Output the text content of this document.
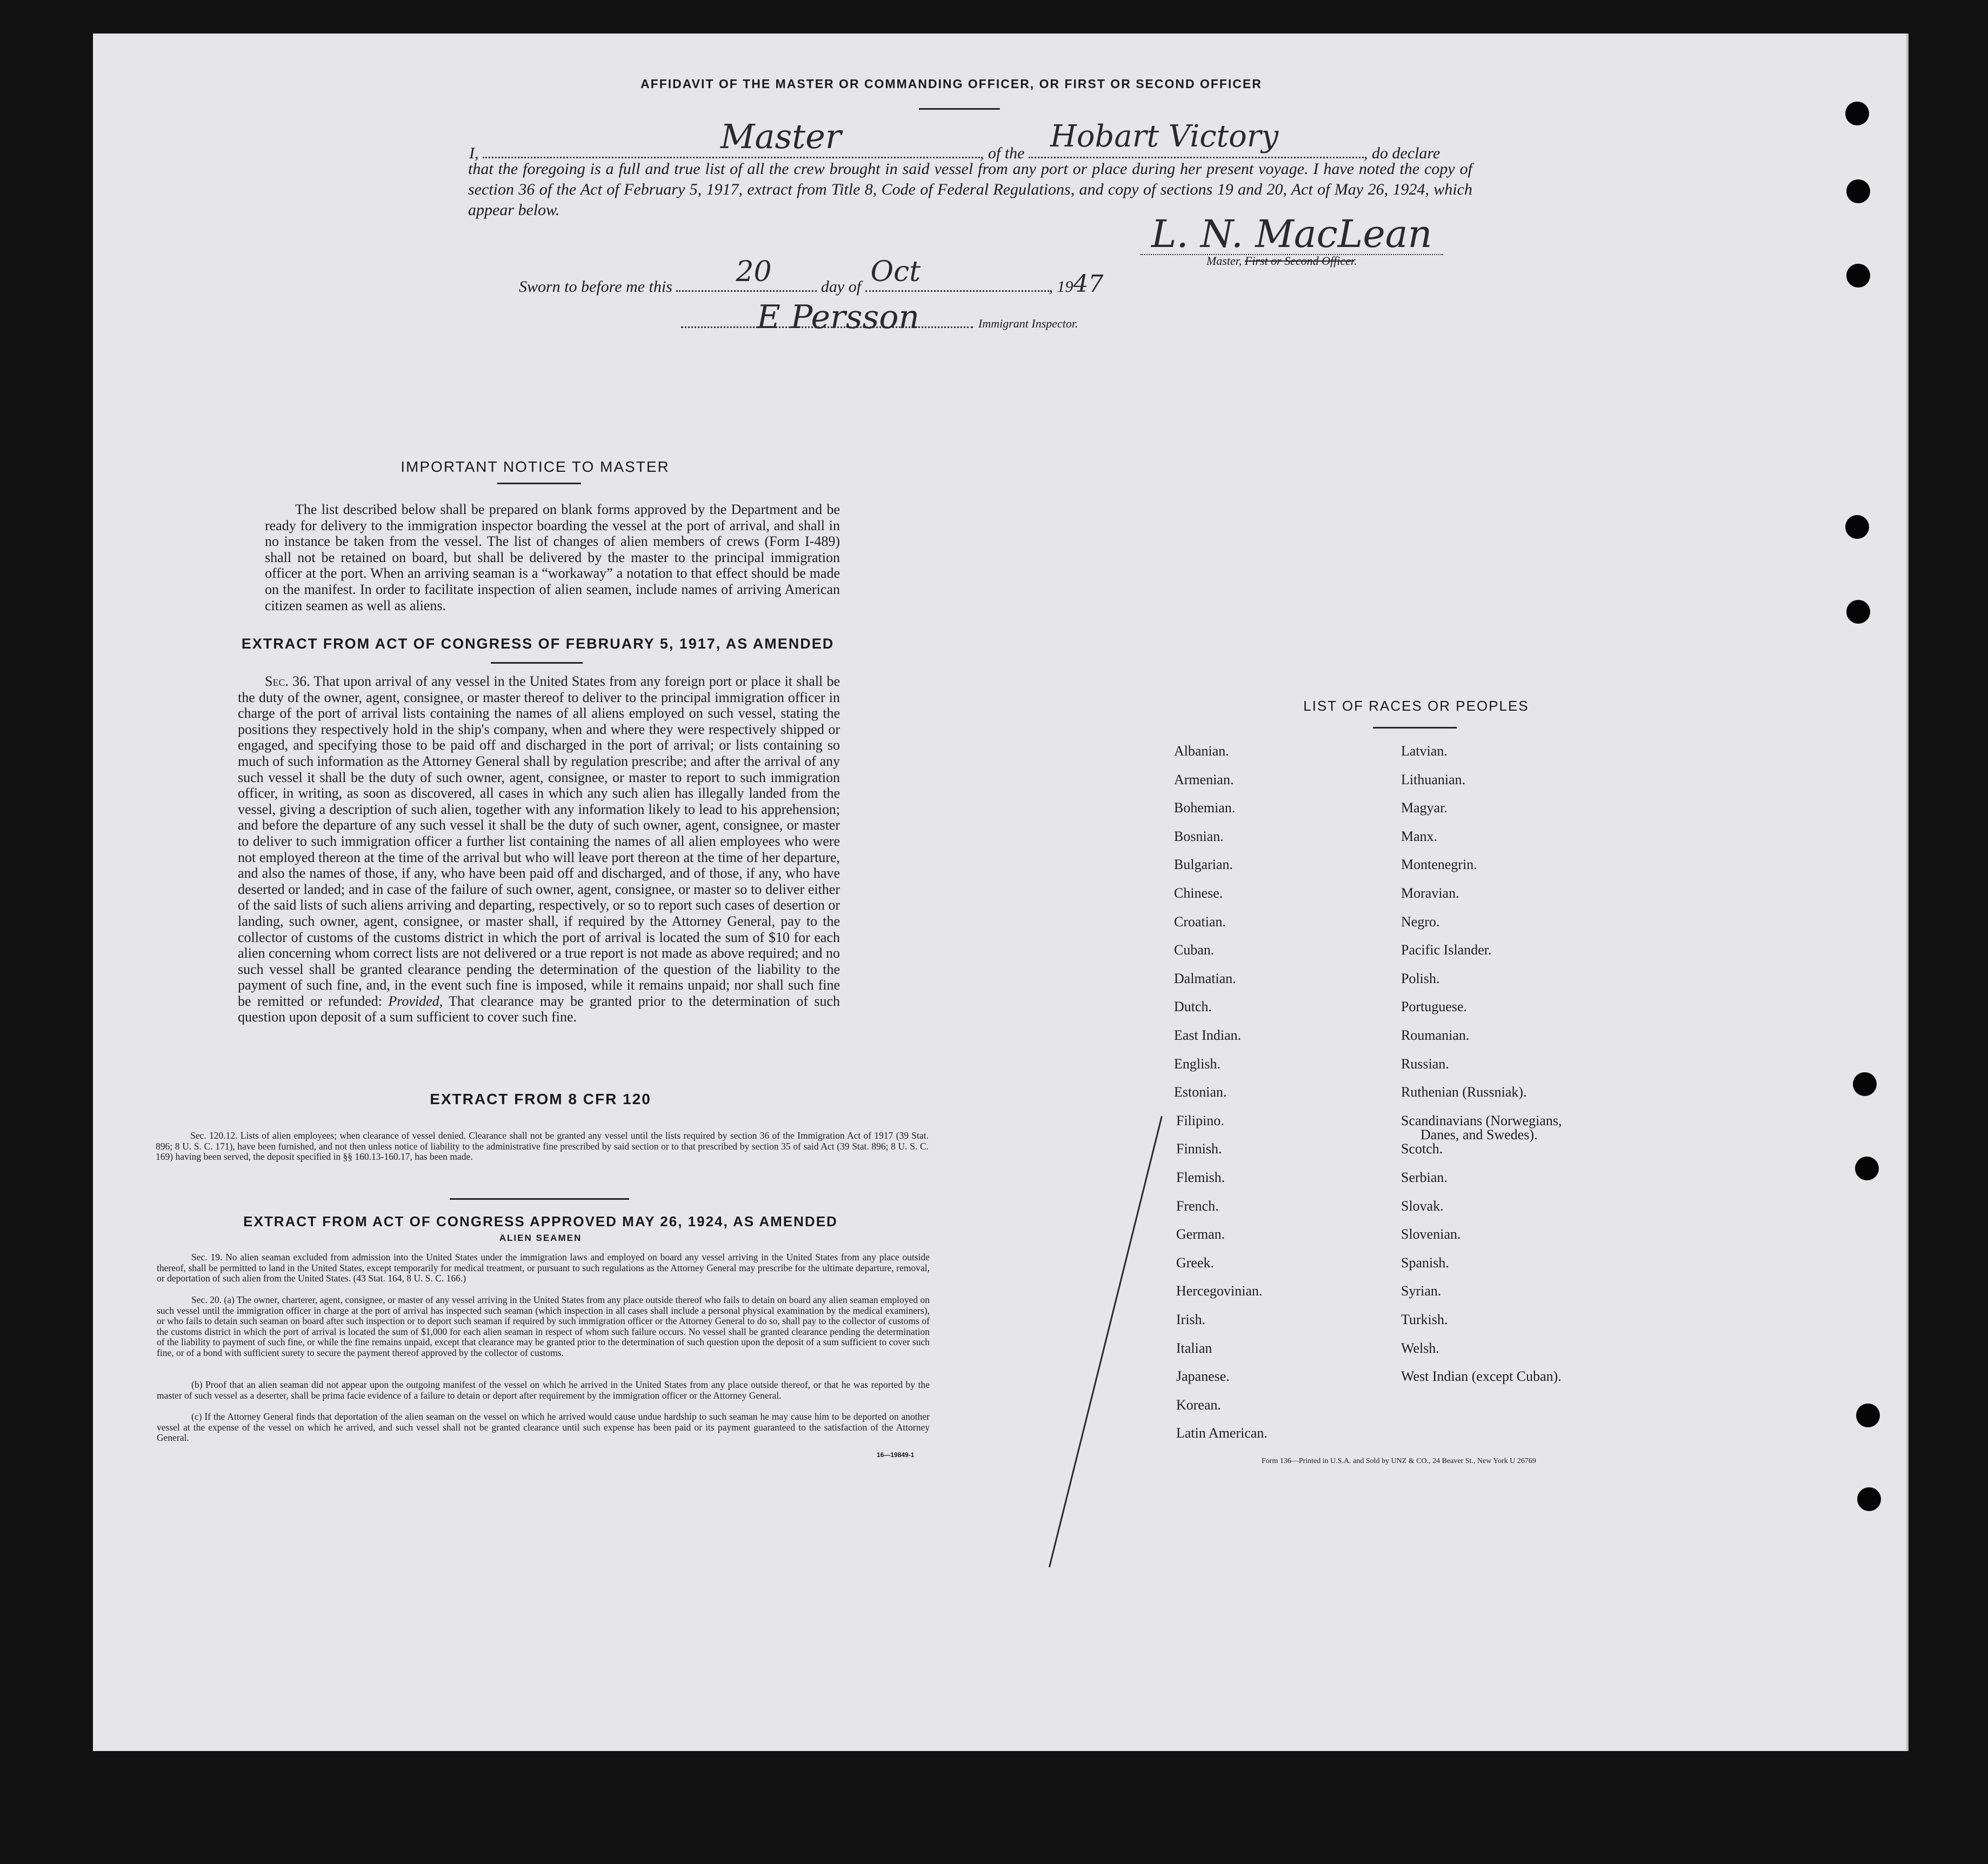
AFFIDAVIT OF THE MASTER OR COMMANDING OFFICER, OR FIRST OR SECOND OFFICER
I,	Master	, of the Hobart Victory	, do declare
that the foregoing is a full and true list of all the crew brought in said vessel from any port or place during her present voyage. I have noted the copy of section 36 of the Act of February 5, 1917, extract from Title 8, Code of Federal Regulations, and copy of sections 19 and 20, Act of May 26, 1924, which appear below.
L. N. MacLean
Master, First or Second Officer.
Sworn to before me this 20	day of Oct	, 1947
E Persson	Immigrant Inspector.
IMPORTANT NOTICE TO MASTER
The list described below shall be prepared on blank forms approved by the Department and be ready for delivery to the immigration inspector boarding the vessel at the port of arrival, and shall in no instance be taken from the vessel. The list of changes of alien members of crews (Form I-489) shall not be retained on board, but shall be delivered by the master to the principal immigration officer at the port. When an arriving seaman is a “workaway” a notation to that effect should be made on the manifest. In order to facilitate inspection of alien seamen, include names of arriving American citizen seamen as well as aliens.
EXTRACT FROM ACT OF CONGRESS OF FEBRUARY 5, 1917, AS AMENDED
Sec. 36. That upon arrival of any vessel in the United States from any foreign port or place it shall be the duty of the owner, agent, consignee, or master thereof to deliver to the principal immigration officer in charge of the port of arrival lists containing the names of all aliens employed on such vessel, stating the positions they respectively hold in the ship's company, when and where they were respectively shipped or engaged, and specifying those to be paid off and discharged in the port of arrival; or lists containing so much of such information as the Attorney General shall by regulation prescribe; and after the arrival of any such vessel it shall be the duty of such owner, agent, consignee, or master to report to such immigration officer, in writing, as soon as discovered, all cases in which any such alien has illegally landed from the vessel, giving a description of such alien, together with any information likely to lead to his apprehension; and before the departure of any such vessel it shall be the duty of such owner, agent, consignee, or master to deliver to such immigration officer a further list containing the names of all alien employees who were not employed thereon at the time of the arrival but who will leave port thereon at the time of her departure, and also the names of those, if any, who have been paid off and discharged, and of those, if any, who have deserted or landed; and in case of the failure of such owner, agent, consignee, or master so to deliver either of the said lists of such aliens arriving and departing, respectively, or so to report such cases of desertion or landing, such owner, agent, consignee, or master shall, if required by the Attorney General, pay to the collector of customs of the customs district in which the port of arrival is located the sum of $10 for each alien concerning whom correct lists are not delivered or a true report is not made as above required; and no such vessel shall be granted clearance pending the determination of the question of the liability to the payment of such fine, and, in the event such fine is imposed, while it remains unpaid; nor shall such fine be remitted or refunded: Provided, That clearance may be granted prior to the determination of such question upon deposit of a sum sufficient to cover such fine.
EXTRACT FROM 8 CFR 120
Sec. 120.12. Lists of alien employees; when clearance of vessel denied. Clearance shall not be granted any vessel until the lists required by section 36 of the Immigration Act of 1917 (39 Stat. 896; 8 U. S. C. 171), have been furnished, and not then unless notice of liability to the administrative fine prescribed by said section or to that prescribed by section 35 of said Act (39 Stat. 896; 8 U. S. C. 169) having been served, the deposit specified in §§ 160.13-160.17, has been made.
EXTRACT FROM ACT OF CONGRESS APPROVED MAY 26, 1924, AS AMENDED
ALIEN SEAMEN
Sec. 19. No alien seaman excluded from admission into the United States under the immigration laws and employed on board any vessel arriving in the United States from any place outside thereof, shall be permitted to land in the United States, except temporarily for medical treatment, or pursuant to such regulations as the Attorney General may prescribe for the ultimate departure, removal, or deportation of such alien from the United States. (43 Stat. 164, 8 U. S. C. 166.)
Sec. 20. (a) The owner, charterer, agent, consignee, or master of any vessel arriving in the United States from any place outside thereof who fails to detain on board any alien seaman employed on such vessel until the immigration officer in charge at the port of arrival has inspected such seaman (which inspection in all cases shall include a personal physical examination by the medical examiners), or who fails to detain such seaman on board after such inspection or to deport such seaman if required by such immigration officer or the Attorney General to do so, shall pay to the collector of customs of the customs district in which the port of arrival is located the sum of $1,000 for each alien seaman in respect of whom such failure occurs. No vessel shall be granted clearance pending the determination of the liability to payment of such fine, or while the fine remains unpaid, except that clearance may be granted prior to the determination of such question upon the deposit of a sum sufficient to cover such fine, or of a bond with sufficient surety to secure the payment thereof approved by the collector of customs.
(b) Proof that an alien seaman did not appear upon the outgoing manifest of the vessel on which he arrived in the United States from any place outside thereof, or that he was reported by the master of such vessel as a deserter, shall be prima facie evidence of a failure to detain or deport after requirement by the immigration officer or the Attorney General.
(c) If the Attorney General finds that deportation of the alien seaman on the vessel on which he arrived would cause undue hardship to such seaman he may cause him to be deported on another vessel at the expense of the vessel on which he arrived, and such vessel shall not be granted clearance until such expense has been paid or its payment guaranteed to the satisfaction of the Attorney General.
16—19849-1
LIST OF RACES OR PEOPLES
Albanian.
Armenian.
Bohemian.
Bosnian.
Bulgarian.
Chinese.
Croatian.
Cuban.
Dalmatian.
Dutch.
East Indian.
English.
Estonian.
Filipino.
Finnish.
Flemish.
French.
German.
Greek.
Hercegovinian.
Irish.
Italian
Japanese.
Korean.
Latin American.
Latvian.
Lithuanian.
Magyar.
Manx.
Montenegrin.
Moravian.
Negro.
Pacific Islander.
Polish.
Portuguese.
Roumanian.
Russian.
Ruthenian (Russniak).
Scandinavians (Norwegians,
Danes, and Swedes).
Scotch.
Serbian.
Slovak.
Slovenian.
Spanish.
Syrian.
Turkish.
Welsh.
West Indian (except Cuban).
Form 136—Printed in U.S.A. and Sold by UNZ & CO., 24 Beaver St., New York U 26769
